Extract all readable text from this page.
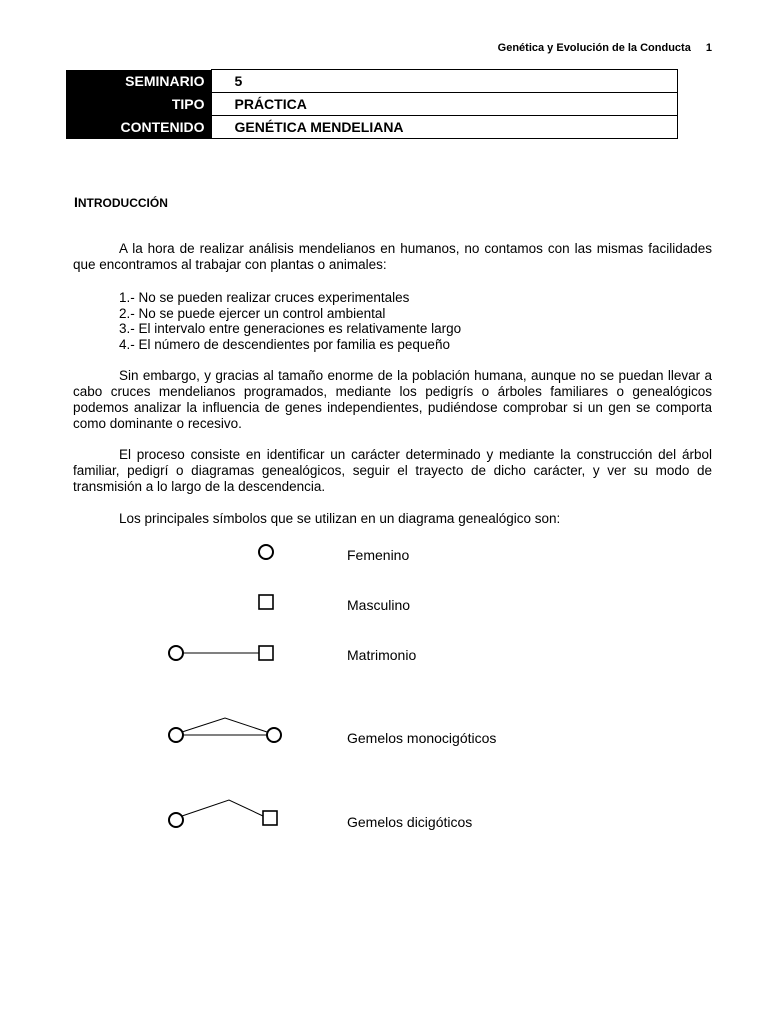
Genética y Evolución de la Conducta 1
SEMINARIO	5
TIPO	PRÁCTICA
CONTENIDO	GENÉTICA MENDELIANA
INTRODUCCIÓN

A la hora de realizar análisis mendelianos en humanos, no contamos con las mismas facilidades que encontramos al trabajar con plantas o animales:

1.- No se pueden realizar cruces experimentales
2.- No se puede ejercer un control ambiental
3.- El intervalo entre generaciones es relativamente largo
4.- El número de descendientes por familia es pequeño

Sin embargo, y gracias al tamaño enorme de la población humana, aunque no se puedan llevar a cabo cruces mendelianos programados, mediante los pedigrís o árboles familiares o genealógicos podemos analizar la influencia de genes independientes, pudiéndose comprobar si un gen se comporta como dominante o recesivo.

El proceso consiste en identificar un carácter determinado y mediante la construcción del árbol familiar, pedigrí o diagramas genealógicos, seguir el trayecto de dicho carácter, y ver su modo de transmisión a lo largo de la descendencia.

Los principales símbolos que se utilizan en un diagrama genealógico son:

Femenino
Masculino
Matrimonio
Gemelos monocigóticos
Gemelos dicigóticos
